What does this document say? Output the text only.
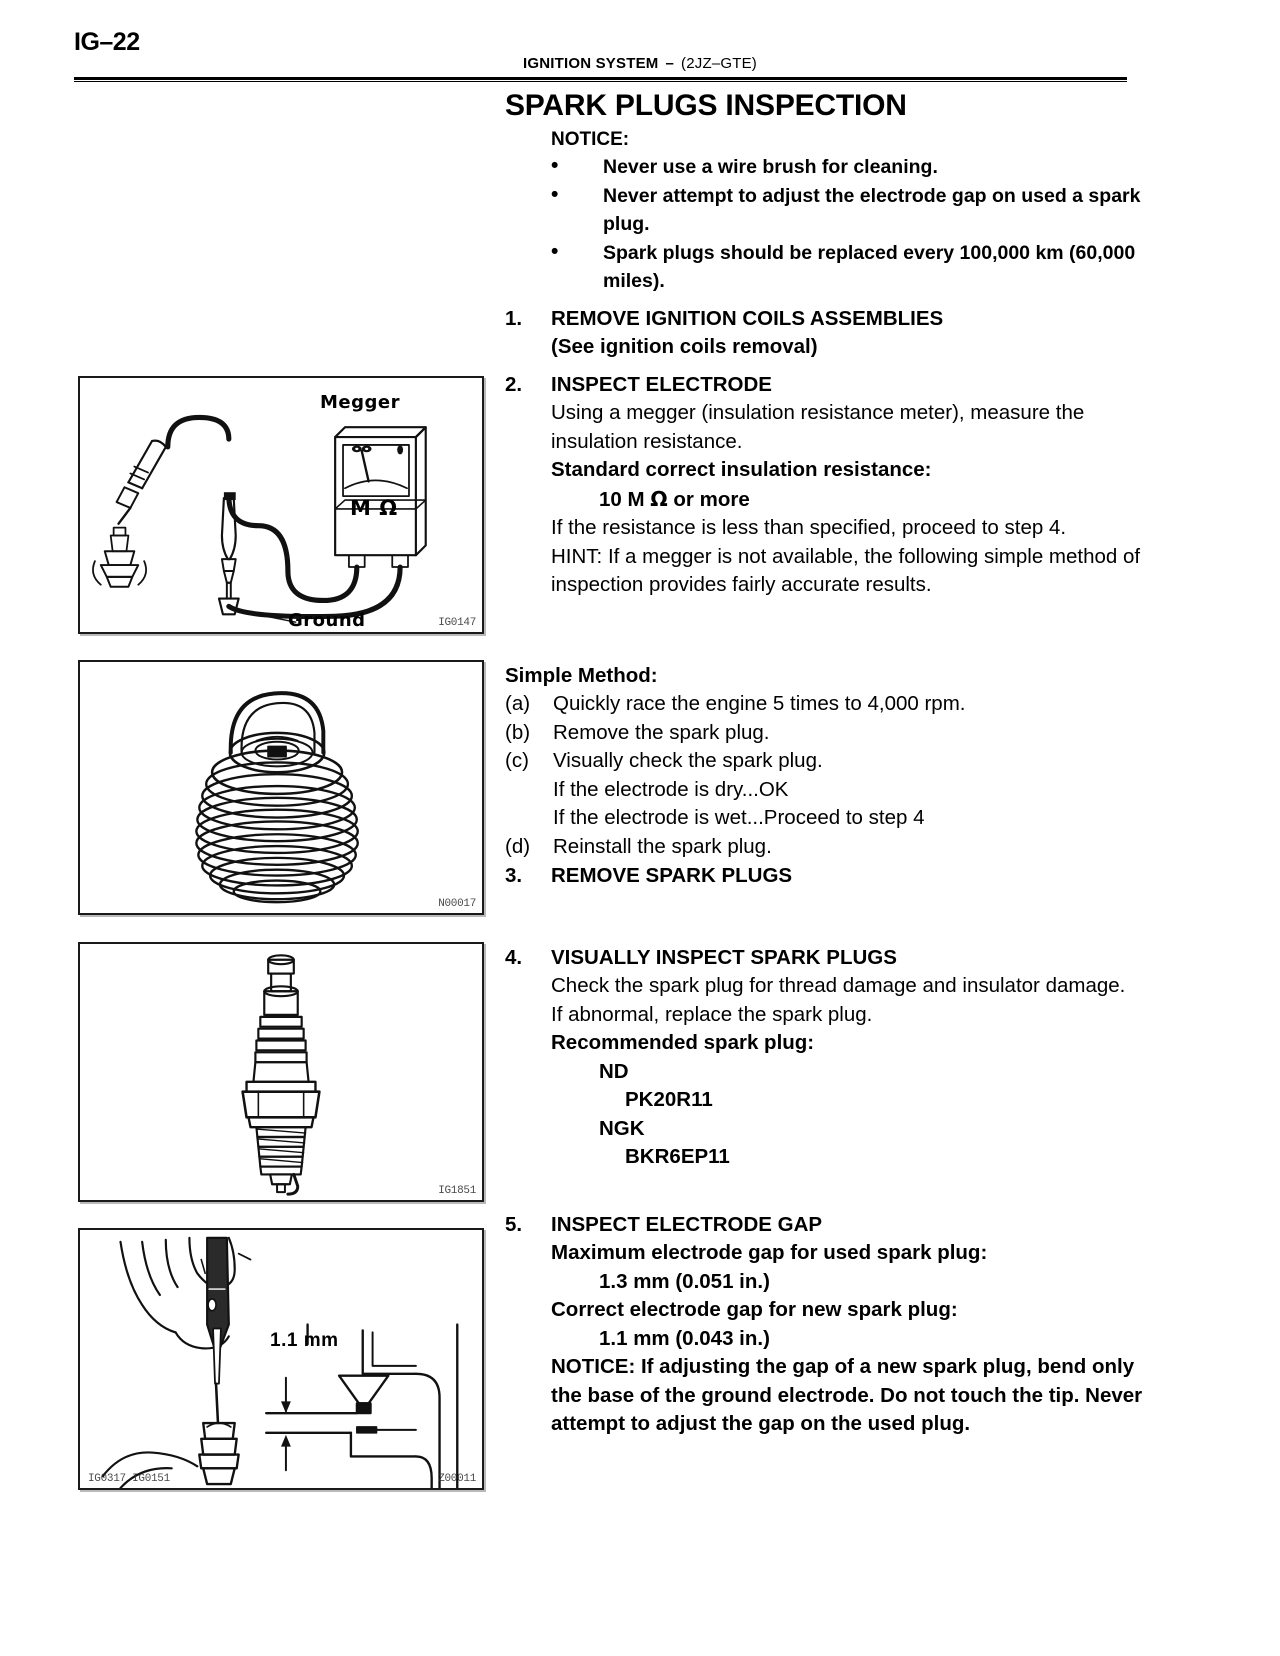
IG–22
IGNITION SYSTEM – (2JZ–GTE)
Megger
M Ω
Ground	IG0147
N00017
IG1851
1.1 mm
IG0317 IG0151	Z00011
SPARK PLUGS INSPECTION
NOTICE:
• Never use a wire brush for cleaning.
• Never attempt to adjust the electrode gap on used a spark plug.
• Spark plugs should be replaced every 100,000 km (60,000 miles).
1.	REMOVE IGNITION COILS ASSEMBLIES
(See ignition coils removal)
2.	INSPECT ELECTRODE
Using a megger (insulation resistance meter), measure the insulation resistance.
Standard correct insulation resistance:
10 M Ω or more
If the resistance is less than specified, proceed to step 4.
HINT: If a megger is not available, the following simple method of inspection provides fairly accurate results.
Simple Method:
(a)	Quickly race the engine 5 times to 4,000 rpm.
(b)	Remove the spark plug.
(c)	Visually check the spark plug.
If the electrode is dry...OK
If the electrode is wet...Proceed to step 4
(d)	Reinstall the spark plug.
3.	REMOVE SPARK PLUGS
4.	VISUALLY INSPECT SPARK PLUGS
Check the spark plug for thread damage and insulator damage.
If abnormal, replace the spark plug.
Recommended spark plug:
ND
PK20R11
NGK
BKR6EP11
5.	INSPECT ELECTRODE GAP
Maximum electrode gap for used spark plug:
1.3 mm (0.051 in.)
Correct electrode gap for new spark plug:
1.1 mm (0.043 in.)
NOTICE: If adjusting the gap of a new spark plug, bend only the base of the ground electrode. Do not touch the tip. Never attempt to adjust the gap on the used plug.
